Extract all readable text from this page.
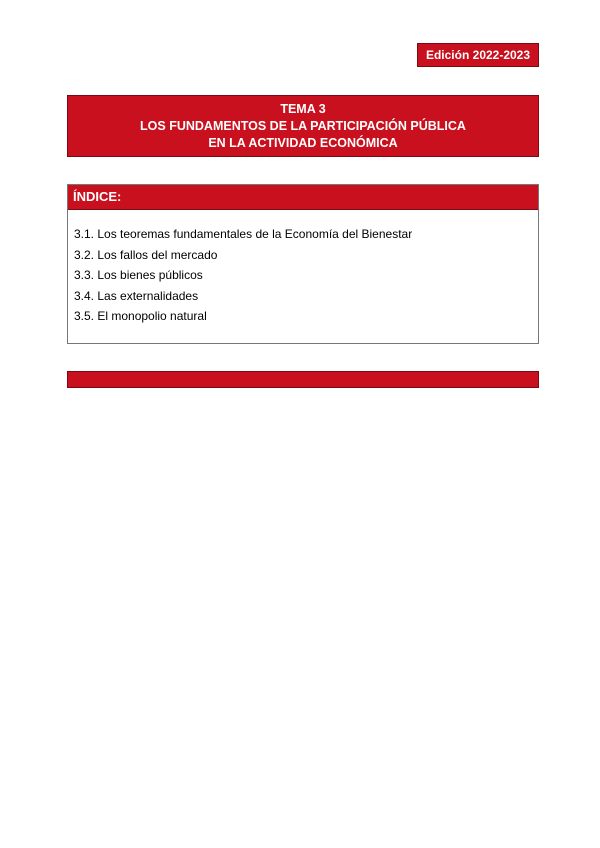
Edición 2022-2023
TEMA 3
LOS FUNDAMENTOS DE LA PARTICIPACIÓN PÚBLICA
EN LA ACTIVIDAD ECONÓMICA
ÍNDICE:
3.1. Los teoremas fundamentales de la Economía del Bienestar
3.2. Los fallos del mercado
3.3. Los bienes públicos
3.4. Las externalidades
3.5. El monopolio natural
